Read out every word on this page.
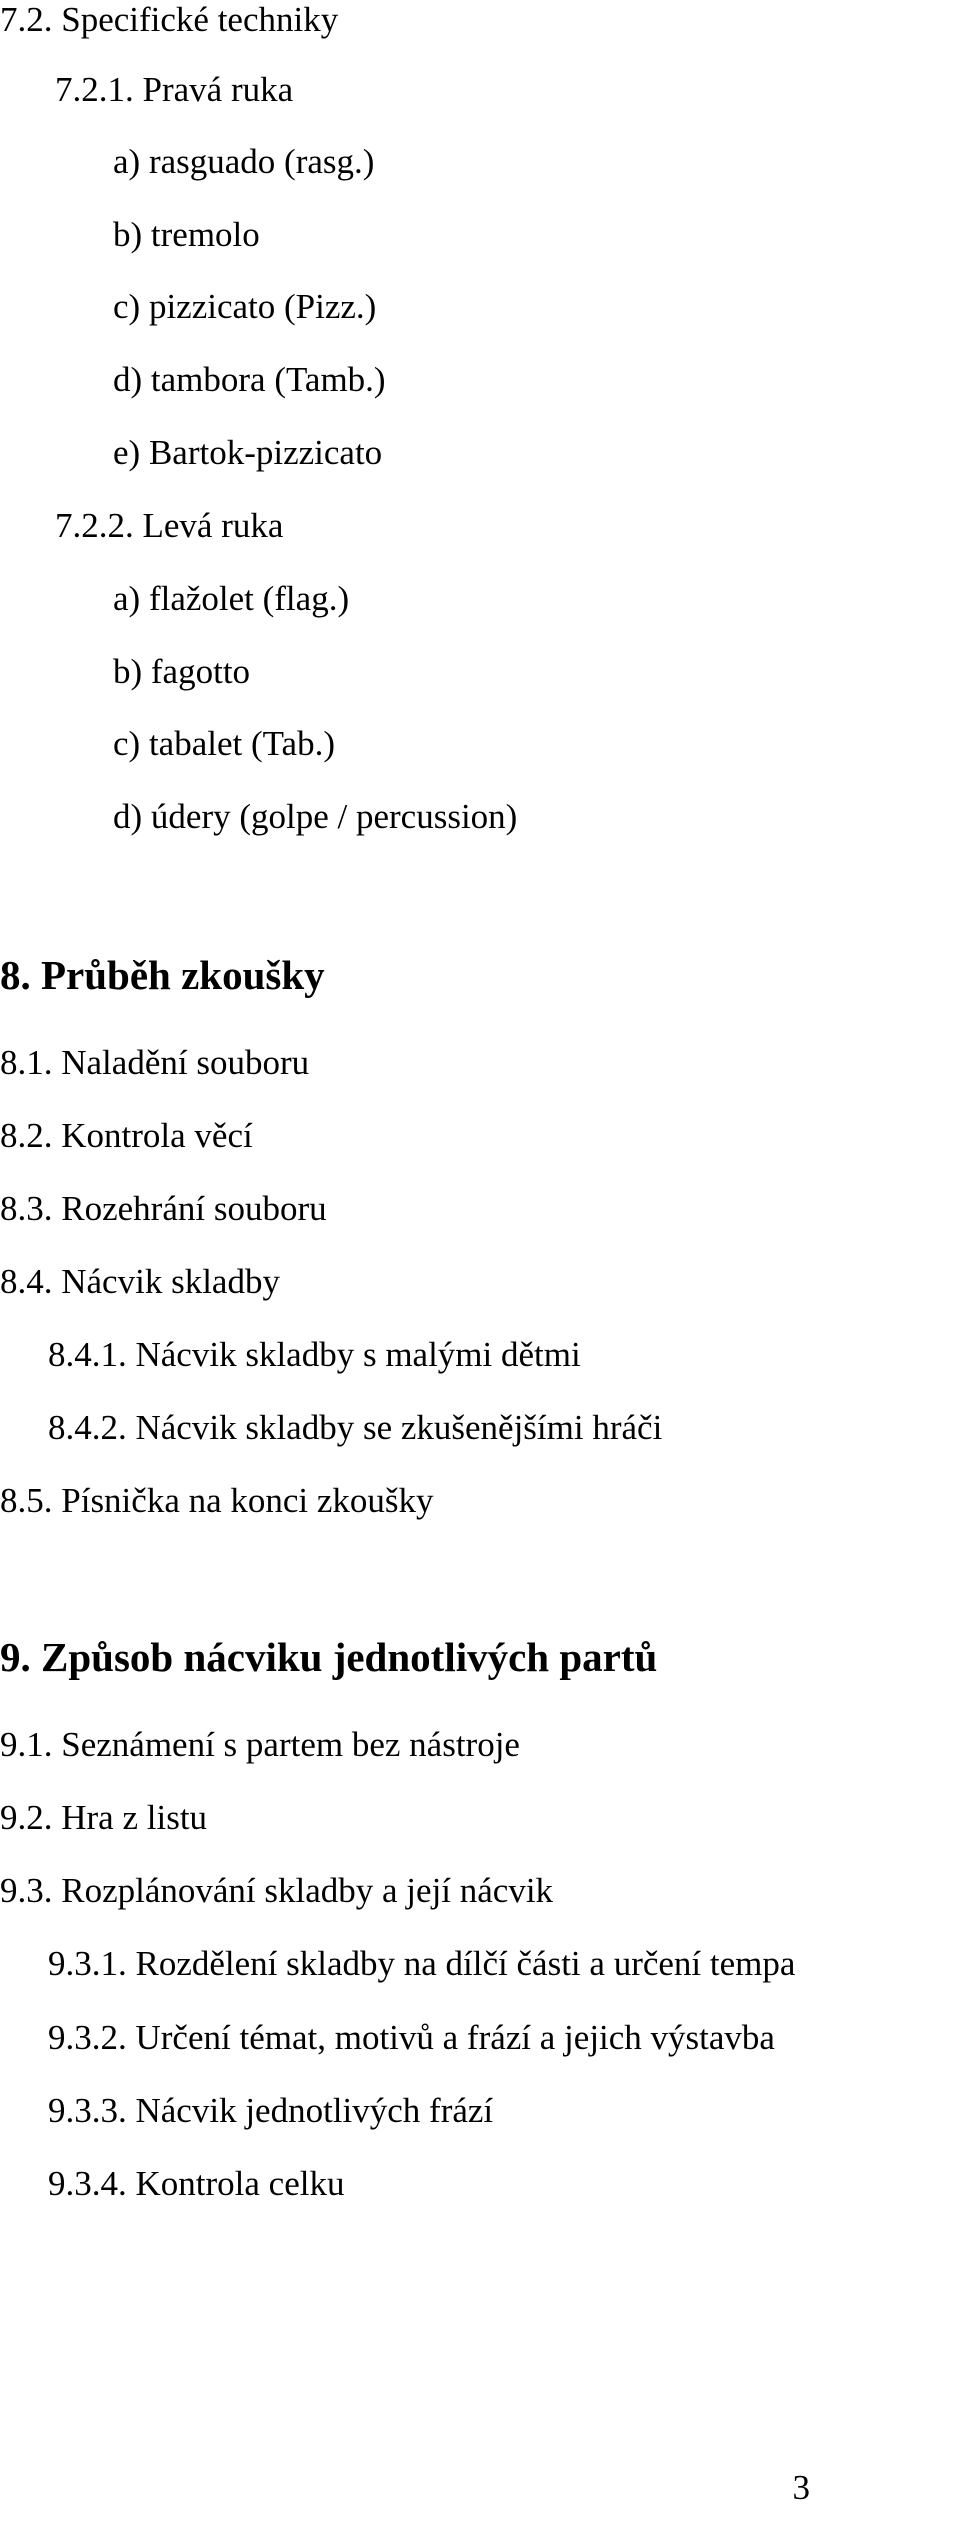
7.2. Specifické techniky
7.2.1. Pravá ruka
a) rasguado (rasg.)
b) tremolo
c) pizzicato (Pizz.)
d) tambora (Tamb.)
e) Bartok-pizzicato
7.2.2. Levá ruka
a) flažolet (flag.)
b) fagotto
c) tabalet (Tab.)
d) údery (golpe / percussion)
8. Průběh zkoušky
8.1. Naladění souboru
8.2. Kontrola věcí
8.3. Rozehrání souboru
8.4. Nácvik skladby
8.4.1. Nácvik skladby s malými dětmi
8.4.2. Nácvik skladby se zkušenějšími hráči
8.5. Písnička na konci zkoušky
9. Způsob nácviku jednotlivých partů
9.1. Seznámení s partem bez nástroje
9.2. Hra z listu
9.3. Rozplánování skladby a její nácvik
9.3.1. Rozdělení skladby na dílčí části a určení tempa
9.3.2. Určení témat, motivů a frází a jejich výstavba
9.3.3. Nácvik jednotlivých frází
9.3.4. Kontrola celku
3
